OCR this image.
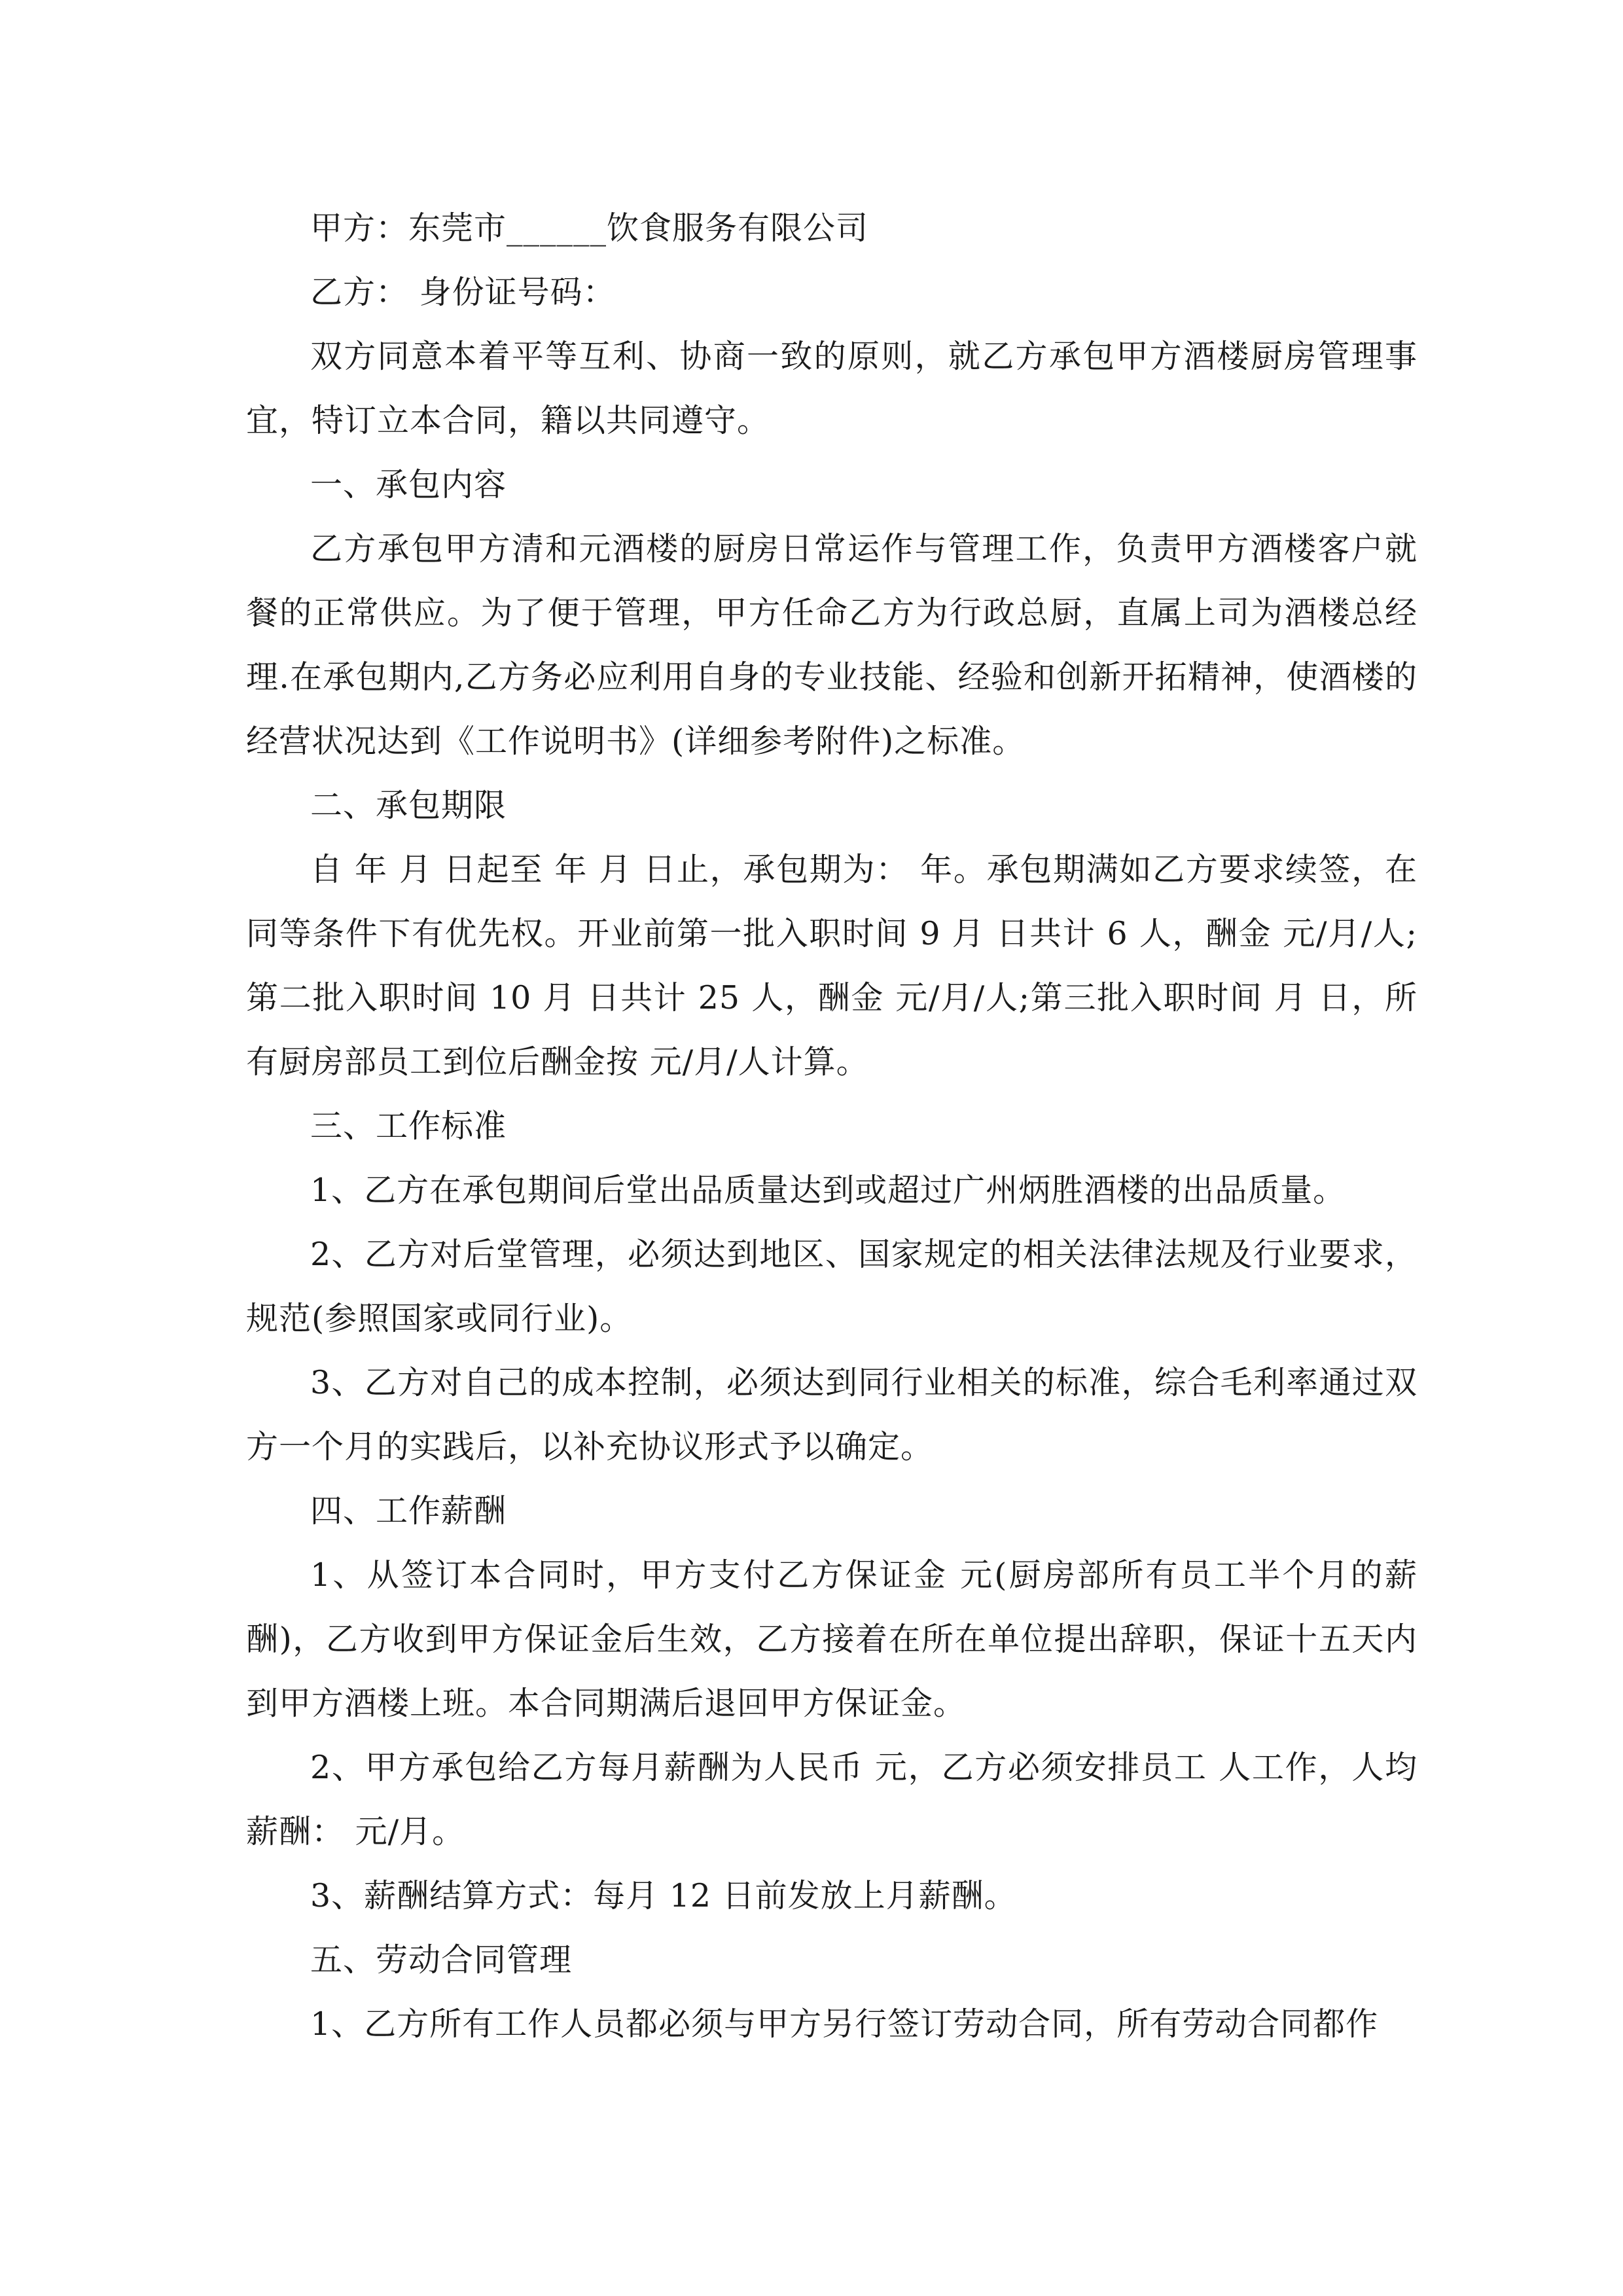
甲方：东莞市______饮食服务有限公司

乙方： 身份证号码：

双方同意本着平等互利、协商一致的原则，就乙方承包甲方酒楼厨房管理事宜，特订立本合同，籍以共同遵守。

一、承包内容

乙方承包甲方清和元酒楼的厨房日常运作与管理工作，负责甲方酒楼客户就餐的正常供应。为了便于管理，甲方任命乙方为行政总厨，直属上司为酒楼总经理.在承包期内,乙方务必应利用自身的专业技能、经验和创新开拓精神，使酒楼的经营状况达到《工作说明书》(详细参考附件)之标准。

二、承包期限

自 年 月 日起至 年 月 日止，承包期为： 年。承包期满如乙方要求续签，在同等条件下有优先权。开业前第一批入职时间 9 月 日共计 6 人，酬金 元/月/人;第二批入职时间 10 月 日共计 25 人，酬金 元/月/人;第三批入职时间 月 日，所有厨房部员工到位后酬金按 元/月/人计算。

三、工作标准

1、乙方在承包期间后堂出品质量达到或超过广州炳胜酒楼的出品质量。

2、乙方对后堂管理，必须达到地区、国家规定的相关法律法规及行业要求，规范(参照国家或同行业)。

3、乙方对自己的成本控制，必须达到同行业相关的标准，综合毛利率通过双方一个月的实践后，以补充协议形式予以确定。

四、工作薪酬

1、从签订本合同时，甲方支付乙方保证金 元(厨房部所有员工半个月的薪酬)，乙方收到甲方保证金后生效，乙方接着在所在单位提出辞职，保证十五天内到甲方酒楼上班。本合同期满后退回甲方保证金。

2、甲方承包给乙方每月薪酬为人民币 元，乙方必须安排员工 人工作，人均薪酬： 元/月。

3、薪酬结算方式：每月 12 日前发放上月薪酬。

五、劳动合同管理

1、乙方所有工作人员都必须与甲方另行签订劳动合同，所有劳动合同都作
